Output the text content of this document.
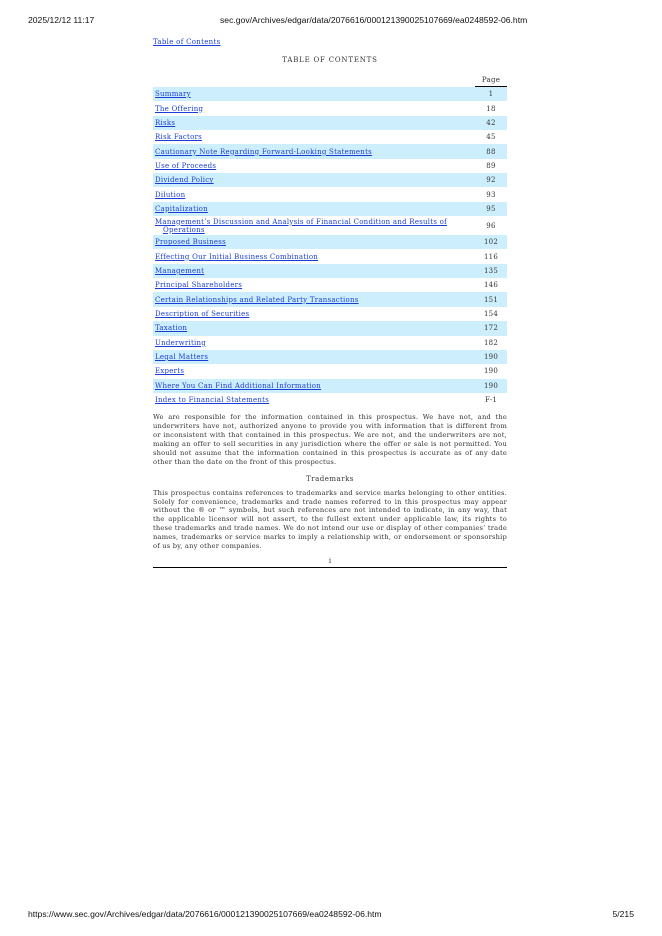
2025/12/12 11:17	sec.gov/Archives/edgar/data/2076616/000121390025107669/ea0248592-06.htm
Table of Contents
TABLE OF CONTENTS
		Page
Summary		1
The Offering		18
Risks		42
Risk Factors		45
Cautionary Note Regarding Forward-Looking Statements		88
Use of Proceeds		89
Dividend Policy		92
Dilution		93
Capitalization		95
Management’s Discussion and Analysis of Financial Condition and Results of
Operations		96
Proposed Business		102
Effecting Our Initial Business Combination		116
Management		135
Principal Shareholders		146
Certain Relationships and Related Party Transactions		151
Description of Securities		154
Taxation		172
Underwriting		182
Legal Matters		190
Experts		190
Where You Can Find Additional Information		190
Index to Financial Statements		F-1
We are responsible for the information contained in this prospectus. We have not, and the underwriters have not, authorized anyone to provide you with information that is different from or inconsistent with that contained in this prospectus. We are not, and the underwriters are not, making an offer to sell securities in any jurisdiction where the offer or sale is not permitted. You should not assume that the information contained in this prospectus is accurate as of any date other than the date on the front of this prospectus.
Trademarks
This prospectus contains references to trademarks and service marks belonging to other entities. Solely for convenience, trademarks and trade names referred to in this prospectus may appear without the ® or ™ symbols, but such references are not intended to indicate, in any way, that the applicable licensor will not assert, to the fullest extent under applicable law, its rights to these trademarks and trade names. We do not intend our use or display of other companies’ trade names, trademarks or service marks to imply a relationship with, or endorsement or sponsorship of us by, any other companies.
i
https://www.sec.gov/Archives/edgar/data/2076616/000121390025107669/ea0248592-06.htm	5/215
